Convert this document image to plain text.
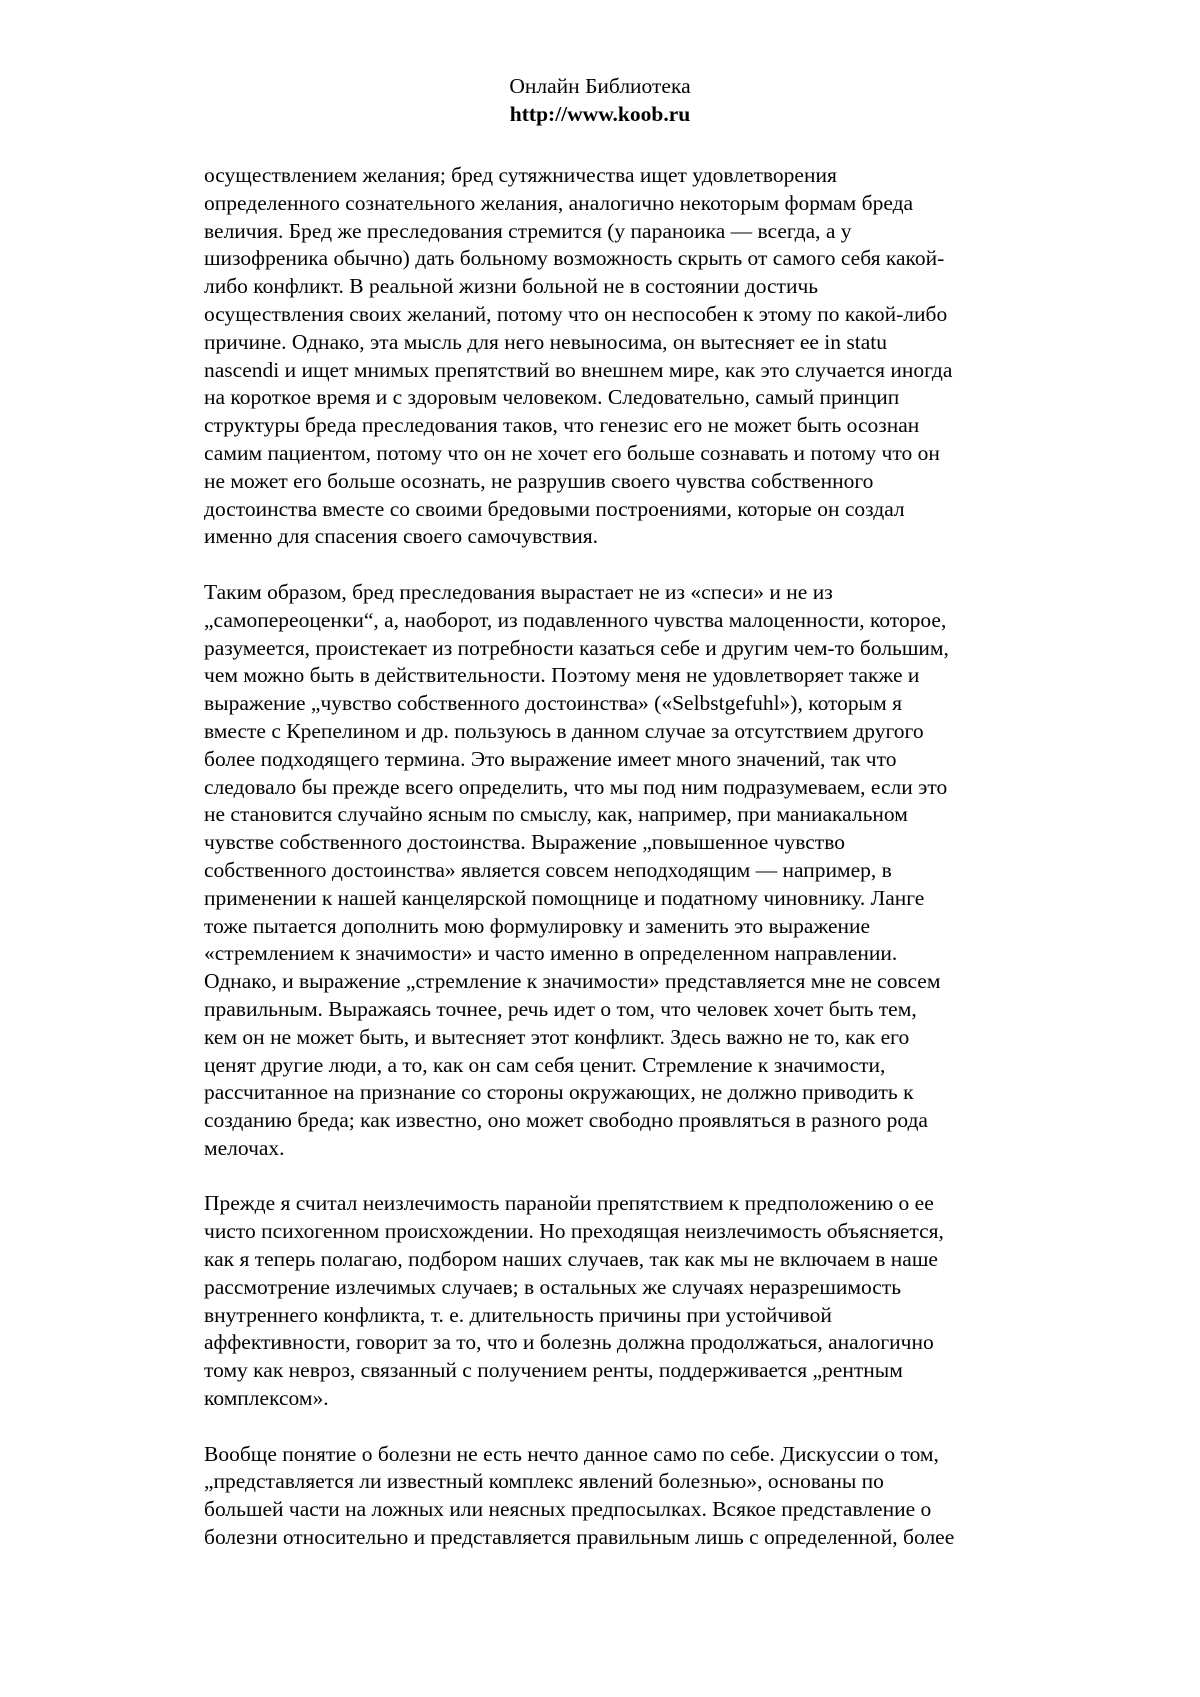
Онлайн Библиотека
http://www.koob.ru
осуществлением желания; бред сутяжничества ищет удовлетворения
определенного сознательного желания, аналогично некоторым формам бреда
величия. Бред же преследования стремится (у параноика — всегда, а у
шизофреника обычно) дать больному возможность скрыть от самого себя какой-
либо конфликт. В реальной жизни больной не в состоянии достичь
осуществления своих желаний, потому что он неспособен к этому по какой-либо
причине. Однако, эта мысль для него невыносима, он вытесняет ее in statu
nascendi и ищет мнимых препятствий во внешнем мире, как это случается иногда
на короткое время и с здоровым человеком. Следовательно, самый принцип
структуры бреда преследования таков, что генезис его не может быть осознан
самим пациентом, потому что он не хочет его больше сознавать и потому что он
не может его больше осознать, не разрушив своего чувства собственного
достоинства вместе со своими бредовыми построениями, которые он создал
именно для спасения своего самочувствия.
Таким образом, бред преследования вырастает не из «спеси» и не из
„самопереоценки“, а, наоборот, из подавленного чувства малоценности, которое,
разумеется, проистекает из потребности казаться себе и другим чем-то большим,
чем можно быть в действительности. Поэтому меня не удовлетворяет также и
выражение „чувство собственного достоинства» («Selbstgefuhl»), которым я
вместе с Крепелином и др. пользуюсь в данном случае за отсутствием другого
более подходящего термина. Это выражение имеет много значений, так что
следовало бы прежде всего определить, что мы под ним подразумеваем, если это
не становится случайно ясным по смыслу, как, например, при маниакальном
чувстве собственного достоинства. Выражение „повышенное чувство
собственного достоинства» является совсем неподходящим — например, в
применении к нашей канцелярской помощнице и податному чиновнику. Ланге
тоже пытается дополнить мою формулировку и заменить это выражение
«стремлением к значимости» и часто именно в определенном направлении.
Однако, и выражение „стремление к значимости» представляется мне не совсем
правильным. Выражаясь точнее, речь идет о том, что человек хочет быть тем,
кем он не может быть, и вытесняет этот конфликт. Здесь важно не то, как его
ценят другие люди, а то, как он сам себя ценит. Стремление к значимости,
рассчитанное на признание со стороны окружающих, не должно приводить к
созданию бреда; как известно, оно может свободно проявляться в разного рода
мелочах.
Прежде я считал неизлечимость паранойи препятствием к предположению о ее
чисто психогенном происхождении. Но преходящая неизлечимость объясняется,
как я теперь полагаю, подбором наших случаев, так как мы не включаем в наше
рассмотрение излечимых случаев; в остальных же случаях неразрешимость
внутреннего конфликта, т. е. длительность причины при устойчивой
аффективности, говорит за то, что и болезнь должна продолжаться, аналогично
тому как невроз, связанный с получением ренты, поддерживается „рентным
комплексом».
Вообще понятие о болезни не есть нечто данное само по себе. Дискуссии о том,
„представляется ли известный комплекс явлений болезнью», основаны по
большей части на ложных или неясных предпосылках. Всякое представление о
болезни относительно и представляется правильным лишь с определенной, более
